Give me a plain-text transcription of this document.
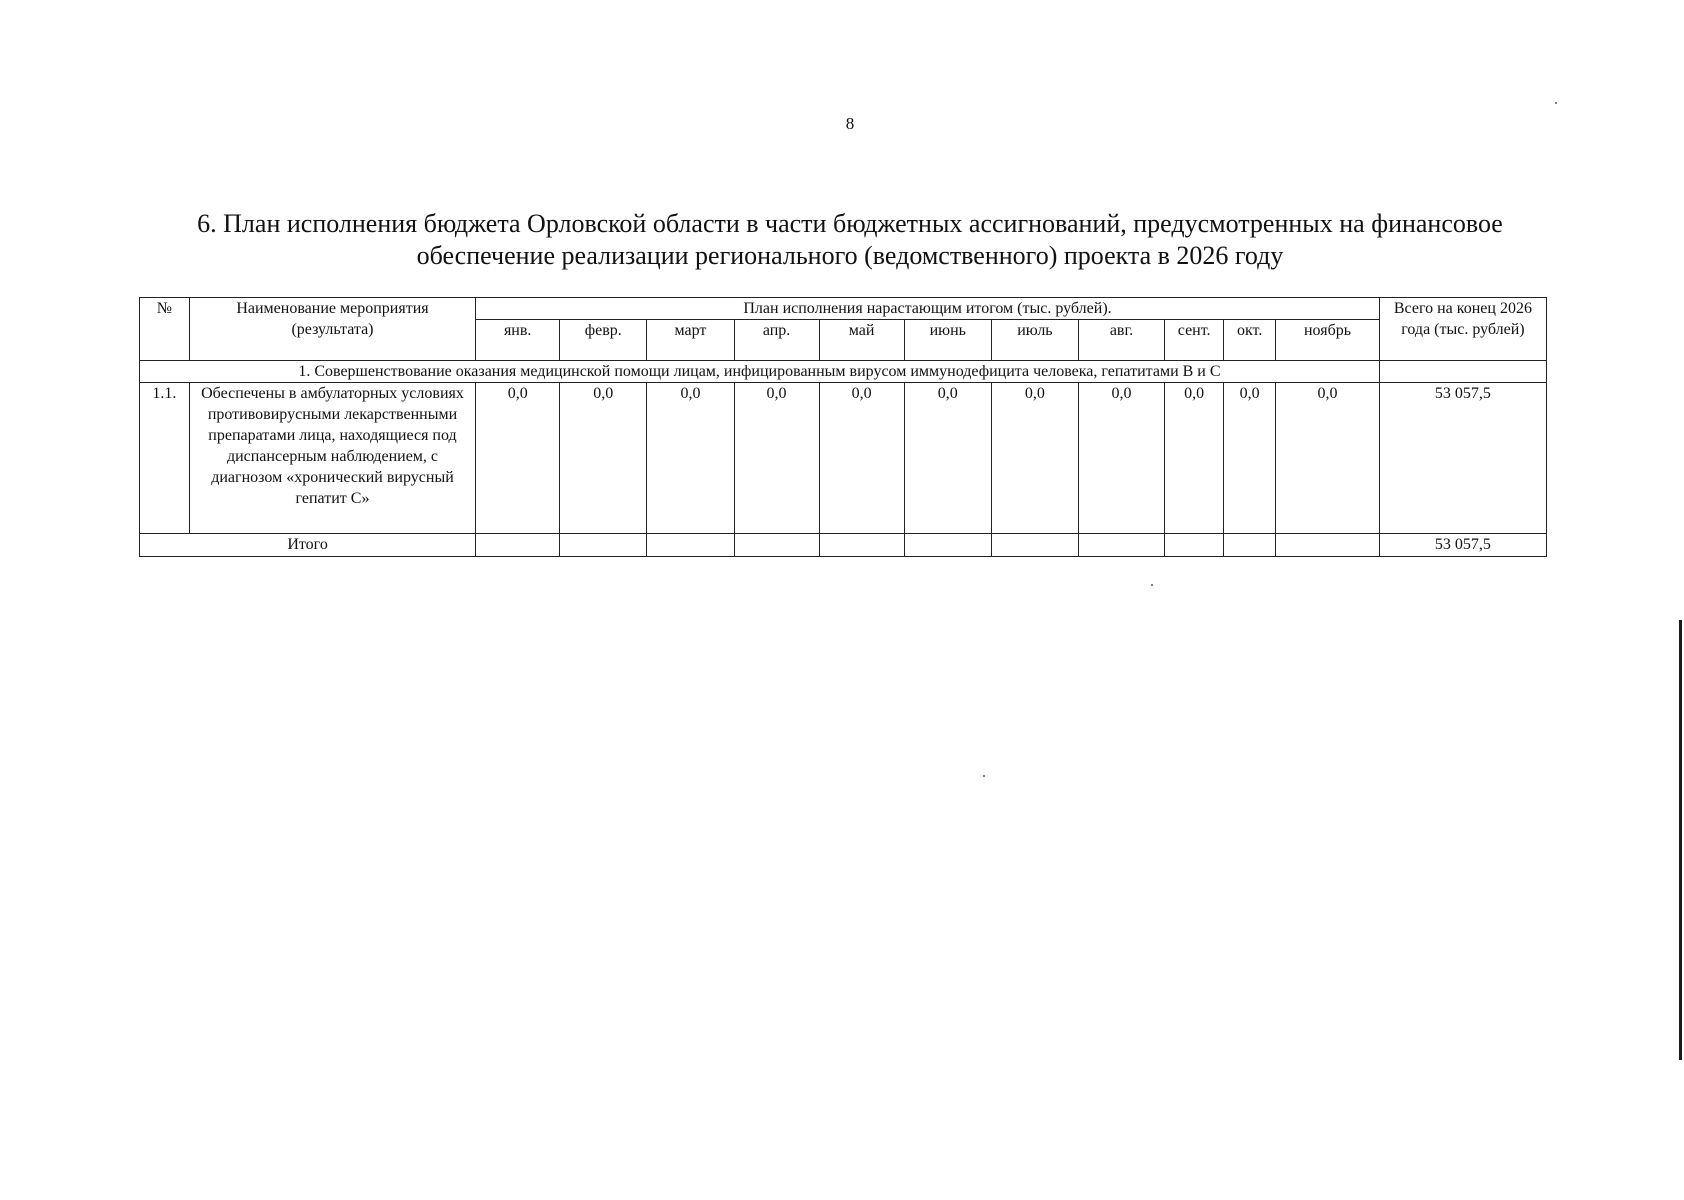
8
6. План исполнения бюджета Орловской области в части бюджетных ассигнований, предусмотренных на финансовое
обеспечение реализации регионального (ведомственного) проекта в 2026 году
№	Наименование мероприятия (результата)	План исполнения нарастающим итогом (тыс. рублей).											Всего на конец 2026 года (тыс. рублей)
		янв.	февр.	март	апр.	май	июнь	июль	авг.	сент.	окт.	ноябрь	
1. Совершенствование оказания медицинской помощи лицам, инфицированным вирусом иммунодефицита человека, гепатитами В и С													
1.1.	Обеспечены в амбулаторных условиях противовирусными лекарственными препаратами лица, находящиеся под диспансерным наблюдением, с диагнозом «хронический вирусный гепатит С»	0,0	0,0	0,0	0,0	0,0	0,0	0,0	0,0	0,0	0,0	0,0	53 057,5
Итого													53 057,5
